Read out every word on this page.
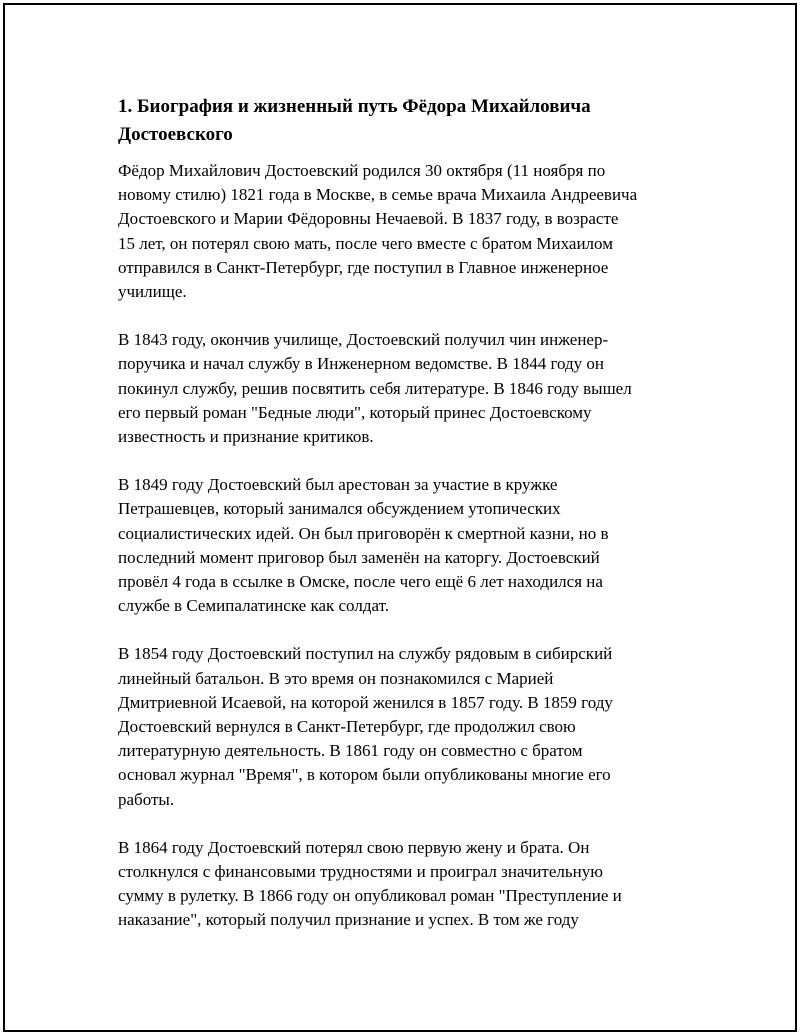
1. Биография и жизненный путь Фёдора Михайловича
Достоевского
Фёдор Михайлович Достоевский родился 30 октября (11 ноября по
новому стилю) 1821 года в Москве, в семье врача Михаила Андреевича
Достоевского и Марии Фёдоровны Нечаевой. В 1837 году, в возрасте
15 лет, он потерял свою мать, после чего вместе с братом Михаилом
отправился в Санкт-Петербург, где поступил в Главное инженерное
училище.
В 1843 году, окончив училище, Достоевский получил чин инженер-
поручика и начал службу в Инженерном ведомстве. В 1844 году он
покинул службу, решив посвятить себя литературе. В 1846 году вышел
его первый роман "Бедные люди", который принес Достоевскому
известность и признание критиков.
В 1849 году Достоевский был арестован за участие в кружке
Петрашевцев, который занимался обсуждением утопических
социалистических идей. Он был приговорён к смертной казни, но в
последний момент приговор был заменён на каторгу. Достоевский
провёл 4 года в ссылке в Омске, после чего ещё 6 лет находился на
службе в Семипалатинске как солдат.
В 1854 году Достоевский поступил на службу рядовым в сибирский
линейный батальон. В это время он познакомился с Марией
Дмитриевной Исаевой, на которой женился в 1857 году. В 1859 году
Достоевский вернулся в Санкт-Петербург, где продолжил свою
литературную деятельность. В 1861 году он совместно с братом
основал журнал "Время", в котором были опубликованы многие его
работы.
В 1864 году Достоевский потерял свою первую жену и брата. Он
столкнулся с финансовыми трудностями и проиграл значительную
сумму в рулетку. В 1866 году он опубликовал роман "Преступление и
наказание", который получил признание и успех. В том же году
